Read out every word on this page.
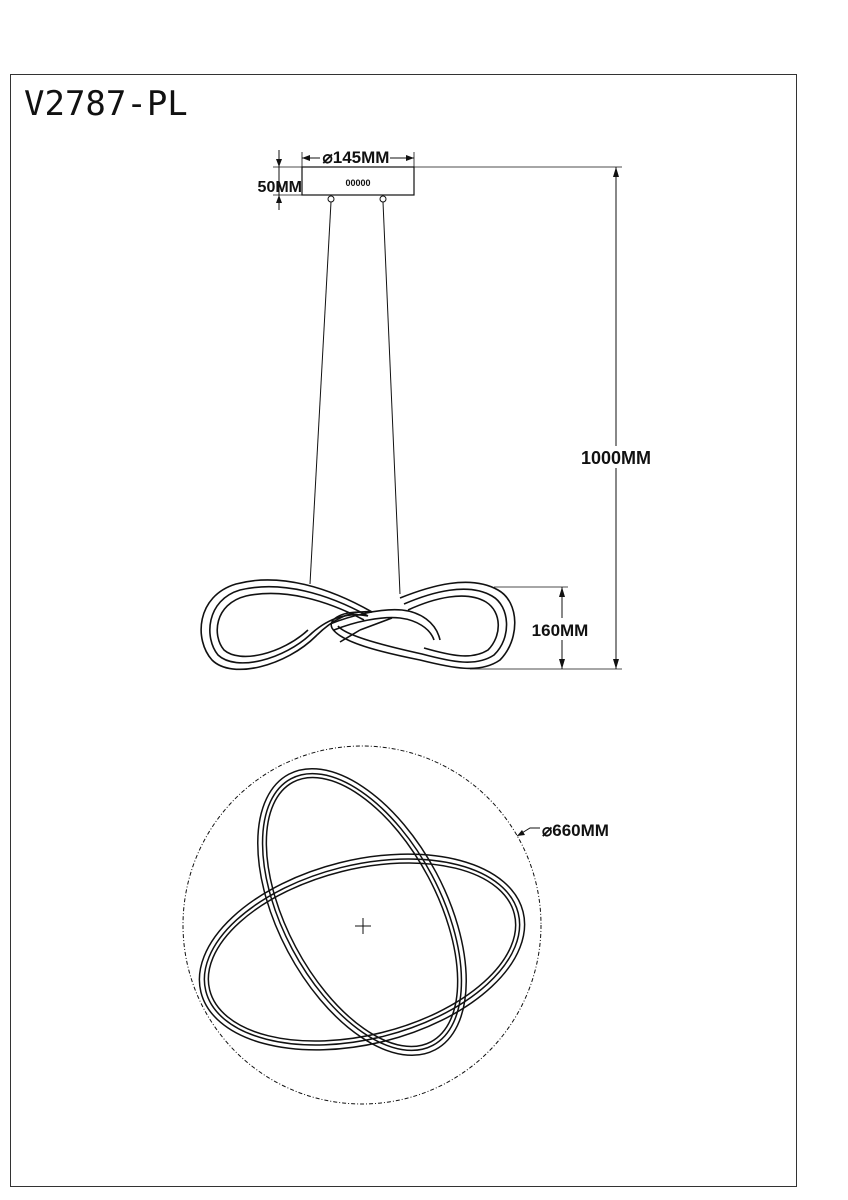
V2787-PL
00000
⌀145MM
50MM
1000MM
160MM
⌀660MM
